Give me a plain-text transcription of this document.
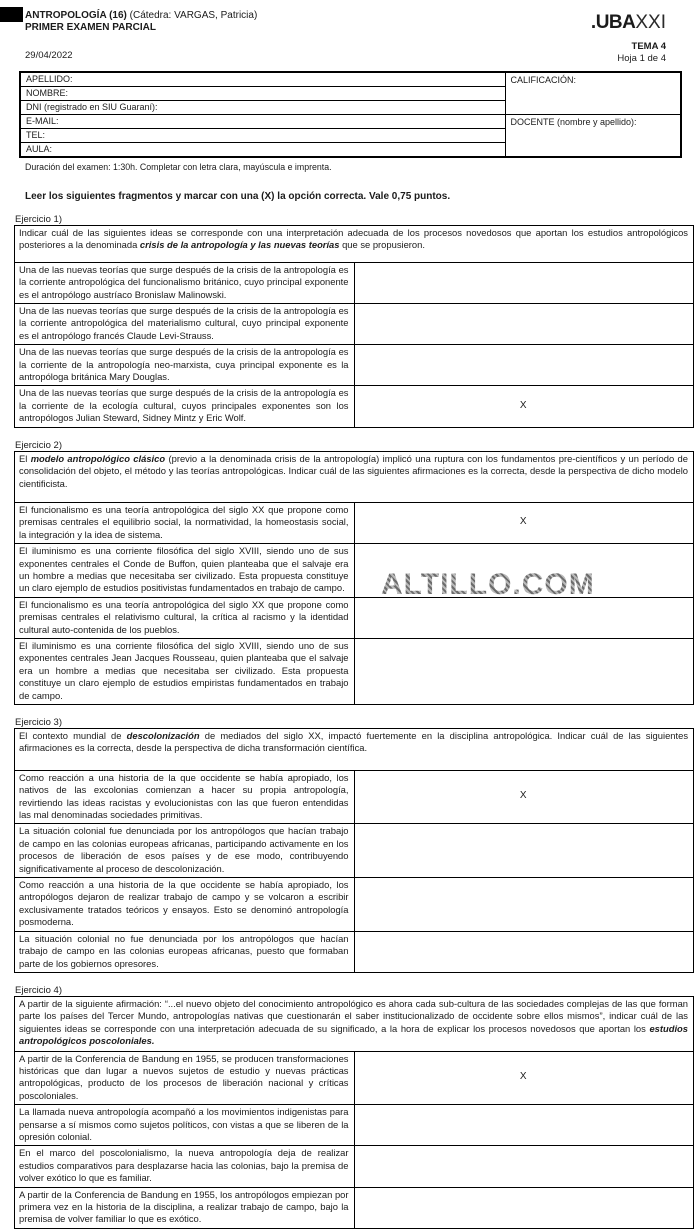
ANTROPOLOGÍA (16) (Cátedra: VARGAS, Patricia)
PRIMER EXAMEN PARCIAL
29/04/2022
.UBAXXI
TEMA 4
Hoja 1 de 4
APELLIDO:	CALIFICACIÓN:
NOMBRE:	
DNI (registrado en SIU Guaraní):	
E-MAIL:	DOCENTE (nombre y apellido):
TEL:	
AULA:	
Duración del examen: 1:30h. Completar con letra clara, mayúscula e imprenta.
Leer los siguientes fragmentos y marcar con una (X) la opción correcta. Vale 0,75 puntos.
Ejercicio 1)
Indicar cuál de las siguientes ideas se corresponde con una interpretación adecuada de los procesos novedosos que aportan los estudios antropológicos posteriores a la denominada crisis de la antropología y las nuevas teorías que se propusieron.	
Una de las nuevas teorías que surge después de la crisis de la antropología es la corriente antropológica del funcionalismo británico, cuyo principal exponente es el antropólogo austríaco Bronislaw Malinowski.	
Una de las nuevas teorías que surge después de la crisis de la antropología es la corriente antropológica del materialismo cultural, cuyo principal exponente es el antropólogo francés Claude Levi-Strauss.	
Una de las nuevas teorías que surge después de la crisis de la antropología es la corriente de la antropología neo-marxista, cuya principal exponente es la antropóloga británica Mary Douglas.	
Una de las nuevas teorías que surge después de la crisis de la antropología es la corriente de la ecología cultural, cuyos principales exponentes son los antropólogos Julian Steward, Sidney Mintz y Eric Wolf.	X
Ejercicio 2)
El modelo antropológico clásico (previo a la denominada crisis de la antropología) implicó una ruptura con los fundamentos pre-científicos y un período de consolidación del objeto, el método y las teorías antropológicas. Indicar cuál de las siguientes afirmaciones es la correcta, desde la perspectiva de dicho modelo cientificista.	
El funcionalismo es una teoría antropológica del siglo XX que propone como premisas centrales el equilibrio social, la normatividad, la homeostasis social, la integración y la idea de sistema.	X
El iluminismo es una corriente filosófica del siglo XVIII, siendo uno de sus exponentes centrales el Conde de Buffon, quien planteaba que el salvaje era un hombre a medias que necesitaba ser civilizado. Esta propuesta constituye un claro ejemplo de estudios positivistas fundamentados en trabajo de campo.	
El funcionalismo es una teoría antropológica del siglo XX que propone como premisas centrales el relativismo cultural, la crítica al racismo y la identidad cultural auto-contenida de los pueblos.	
El iluminismo es una corriente filosófica del siglo XVIII, siendo uno de sus exponentes centrales Jean Jacques Rousseau, quien planteaba que el salvaje era un hombre a medias que necesitaba ser civilizado. Esta propuesta constituye un claro ejemplo de estudios empiristas fundamentados en trabajo de campo.	
ALTILLO.COM
Ejercicio 3)
El contexto mundial de descolonización de mediados del siglo XX, impactó fuertemente en la disciplina antropológica. Indicar cuál de las siguientes afirmaciones es la correcta, desde la perspectiva de dicha transformación científica.	
Como reacción a una historia de la que occidente se había apropiado, los nativos de las excolonias comienzan a hacer su propia antropología, revirtiendo las ideas racistas y evolucionistas con las que fueron entendidas las mal denominadas sociedades primitivas.	X
La situación colonial fue denunciada por los antropólogos que hacían trabajo de campo en las colonias europeas africanas, participando activamente en los procesos de liberación de esos países y de ese modo, contribuyendo significativamente al proceso de descolonización.	
Como reacción a una historia de la que occidente se había apropiado, los antropólogos dejaron de realizar trabajo de campo y se volcaron a escribir exclusivamente tratados teóricos y ensayos. Esto se denominó antropología posmoderna.	
La situación colonial no fue denunciada por los antropólogos que hacían trabajo de campo en las colonias europeas africanas, puesto que formaban parte de los gobiernos opresores.	
Ejercicio 4)
A partir de la siguiente afirmación: “...el nuevo objeto del conocimiento antropológico es ahora cada sub-cultura de las sociedades complejas de las que forman parte los países del Tercer Mundo, antropologías nativas que cuestionarán el saber institucionalizado de occidente sobre ellos mismos”, indicar cuál de las siguientes ideas se corresponde con una interpretación adecuada de su significado, a la hora de explicar los procesos novedosos que aportan los estudios antropológicos poscoloniales.	
A partir de la Conferencia de Bandung en 1955, se producen transformaciones históricas que dan lugar a nuevos sujetos de estudio y nuevas prácticas antropológicas, producto de los procesos de liberación nacional y críticas poscoloniales.	X
La llamada nueva antropología acompañó a los movimientos indigenistas para pensarse a sí mismos como sujetos políticos, con vistas a que se liberen de la opresión colonial.	
En el marco del poscolonialismo, la nueva antropología deja de realizar estudios comparativos para desplazarse hacia las colonias, bajo la premisa de volver exótico lo que es familiar.	
A partir de la Conferencia de Bandung en 1955, los antropólogos empiezan por primera vez en la historia de la disciplina, a realizar trabajo de campo, bajo la premisa de volver familiar lo que es exótico.	
